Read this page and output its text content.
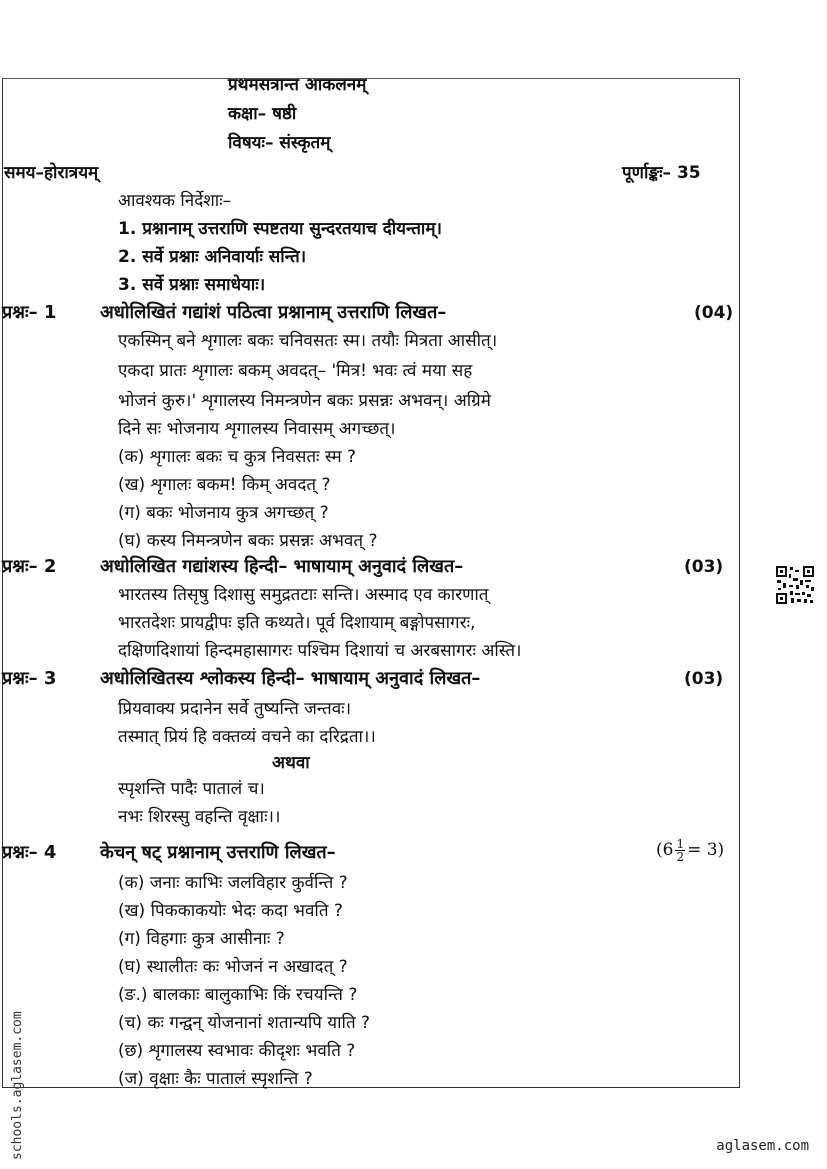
प्रथमसत्रान्त आकलनम्
कक्षा– षष्ठी
विषयः– संस्कृतम्
समय–होरात्रयम्	पूर्णाङ्कः– 35
आवश्यक निर्देशाः–
1. प्रश्नानाम् उत्तराणि स्पष्टतया सुन्दरतयाच दीयन्ताम्।
2. सर्वे प्रश्नाः अनिवार्याः सन्ति।
3. सर्वे प्रश्नाः समाधेयाः।
प्रश्नः– 1 अधोलिखितं गद्यांशं पठित्वा प्रश्नानाम् उत्तराणि लिखत–	(04)
एकस्मिन् बने शृगालः बकः चनिवसतः स्म। तयौः मित्रता आसीत्।
एकदा प्रातः शृगालः बकम् अवदत्– 'मित्र! भवः त्वं मया सह
भोजनं कुरु।' शृगालस्य निमन्त्रणेन बकः प्रसन्नः अभवन्। अग्रिमे
दिने सः भोजनाय शृगालस्य निवासम् अगच्छत्।
(क) शृगालः बकः च कुत्र निवसतः स्म ?
(ख) शृगालः बकम! किम् अवदत् ?
(ग) बकः भोजनाय कुत्र अगच्छत् ?
(घ) कस्य निमन्त्रणेन बकः प्रसन्नः अभवत् ?
प्रश्नः– 2 अधोलिखित गद्यांशस्य हिन्दी– भाषायाम् अनुवादं लिखत–	(03)
भारतस्य तिसृषु दिशासु समुद्रतटाः सन्ति। अस्माद एव कारणात्
भारतदेशः प्रायद्वीपः इति कथ्यते। पूर्व दिशायाम् बङ्गोपसागरः,
दक्षिणदिशायां हिन्दमहासागरः पश्चिम दिशायां च अरबसागरः अस्ति।
प्रश्नः– 3 अधोलिखितस्य श्लोकस्य हिन्दी– भाषायाम् अनुवादं लिखत–	(03)
प्रियवाक्य प्रदानेन सर्वे तुष्यन्ति जन्तवः।
तस्मात् प्रियं हि वक्तव्यं वचने का दरिद्रता।।
अथवा
स्पृशन्ति पादैः पातालं च।
नभः शिरस्सु वहन्ति वृक्षाः।।
प्रश्नः– 4 केचन् षट् प्रश्नानाम् उत्तराणि लिखत–	$(6 \frac{1}{2} = 3)$
(क) जनाः काभिः जलविहार कुर्वन्ति ?
(ख) पिककाकयोः भेदः कदा भवति ?
(ग) विहगाः कुत्र आसीनाः ?
(घ) स्थालीतः कः भोजनं न अखादत् ?
(ङ.) बालकाः बालुकाभिः किं रचयन्ति ?
(च) कः गन्द्वन् योजनानां शतान्यपि याति ?
(छ) शृगालस्य स्वभावः कीदृशः भवति ?
(ज) वृक्षाः कैः पातालं स्पृशन्ति ?
schools.aglasem.com	aglasem.com
